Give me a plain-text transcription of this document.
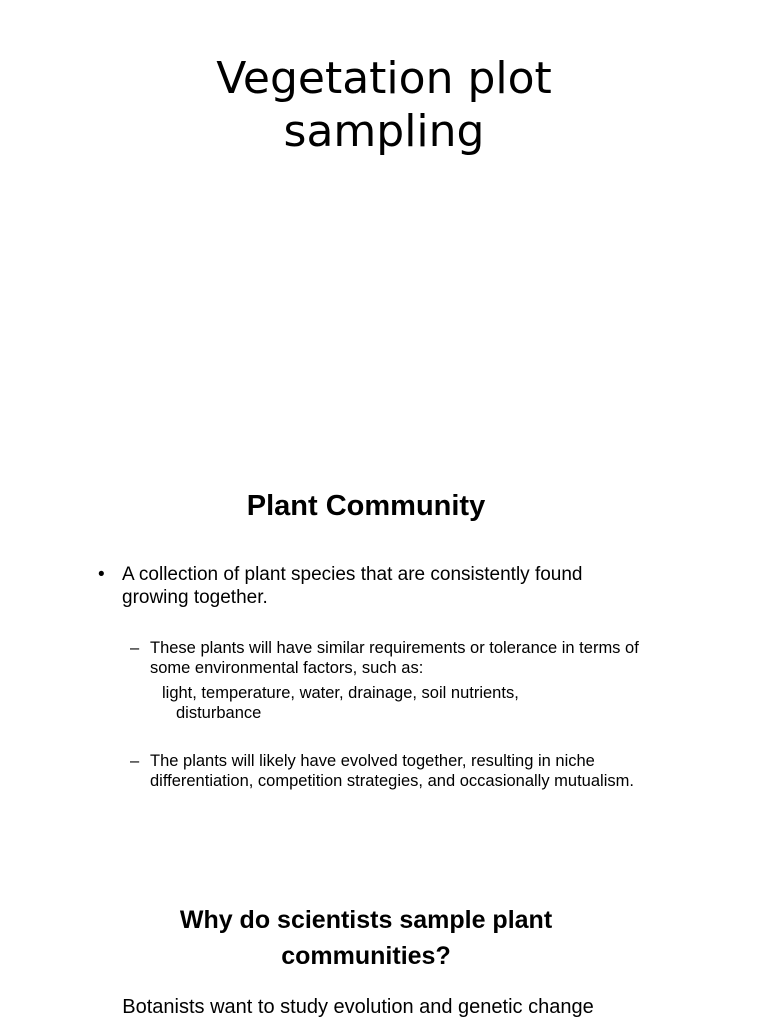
Vegetation plot
sampling
Plant Community
• A collection of plant species that are consistently found growing together.
– These plants will have similar requirements or tolerance in terms of some environmental factors, such as:

light, temperature, water, drainage, soil nutrients,
disturbance

– The plants will likely have evolved together, resulting in niche differentiation, competition strategies, and occasionally mutualism.
Why do scientists sample plant
communities?

Botanists want to study evolution and genetic change
